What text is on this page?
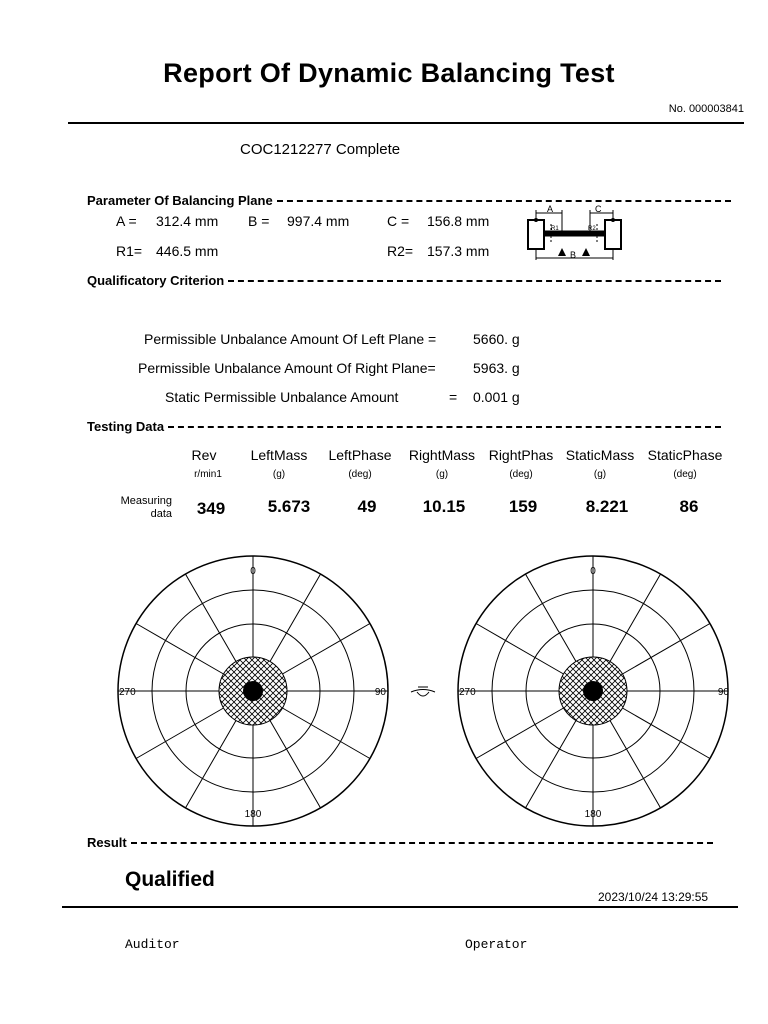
Report Of Dynamic Balancing Test
No. 000003841
COC1212277 Complete
Parameter Of Balancing Plane
A = 312.4 mm B = 997.4 mm	C = 156.8 mm
R1= 446.5 mm	R2= 157.3 mm
A	C
B
R1	R2
Qualificatory Criterion
Permissible Unbalance Amount Of Left Plane =	5660. g
Permissible Unbalance Amount Of Right Plane=	5963. g
Static Permissible Unbalance Amount	= 0.001 g
Testing Data
Rev	LeftMass	LeftPhase	RightMass RightPhas StaticMass StaticPhase
r/min1	(g)	(deg)	(g)	(deg)	(g)	(deg)
Measuring
data	349	5.673	49	10.15	159	8.221	86
0
90
180
270
0
90
180
270
Result
Qualified
2023/10/24 13:29:55
Auditor	Operator
